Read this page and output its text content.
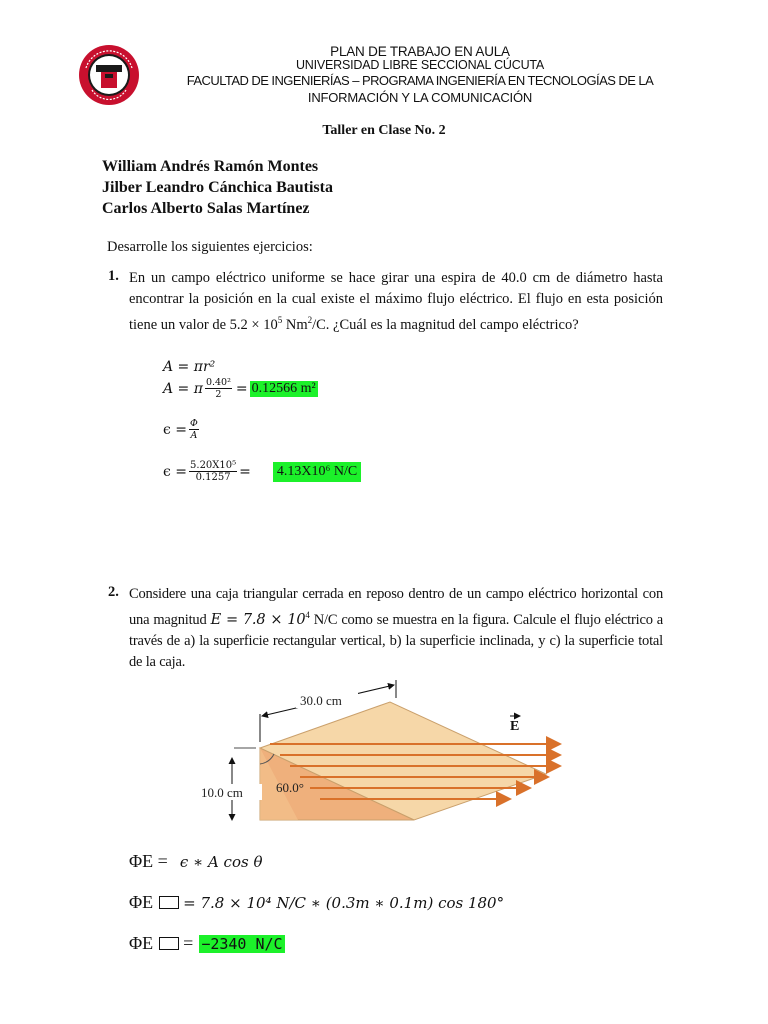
PLAN DE TRABAJO EN AULA
UNIVERSIDAD LIBRE SECCIONAL CÚCUTA
FACULTAD DE INGENIERÍAS – PROGRAMA INGENIERÍA EN TECNOLOGÍAS DE LA
INFORMACIÓN Y LA COMUNICACIÓN
Taller en Clase No. 2
William Andrés Ramón Montes
Jilber Leandro Cánchica Bautista
Carlos Alberto Salas Martínez
Desarrolle los siguientes ejercicios:
1. En un campo eléctrico uniforme se hace girar una espira de 40.0 cm de diámetro hasta encontrar la posición en la cual existe el máximo flujo eléctrico. El flujo en esta posición tiene un valor de $5.2 \times 10^5$ Nm$^2$/C. ¿Cuál es la magnitud del campo eléctrico?
A = πr²
A = π $\frac{\text{0.40²}}{2} = 0.12566$ m²
$\epsilon = \frac{\Phi}{A}$
$\epsilon = \frac{\text{5.20X10⁵}}{0.1257} = 4.13X10^6$ N/C
2. Considere una caja triangular cerrada en reposo dentro de un campo eléctrico horizontal con una magnitud $E = 7.8 \times 10^4$ N/C como se muestra en la figura. Calcule el flujo eléctrico a través de a) la superficie rectangular vertical, b) la superficie inclinada, y c) la superficie total de la caja.
60.0°
30.0 cm
10.0 cm
E
ΦE = ϵ ∗ A cos θ
ΦE = 7.8 × 10⁴ N/C ∗ (0.3m ∗ 0.1m) cos 180°
ΦE = −2340 N/C
